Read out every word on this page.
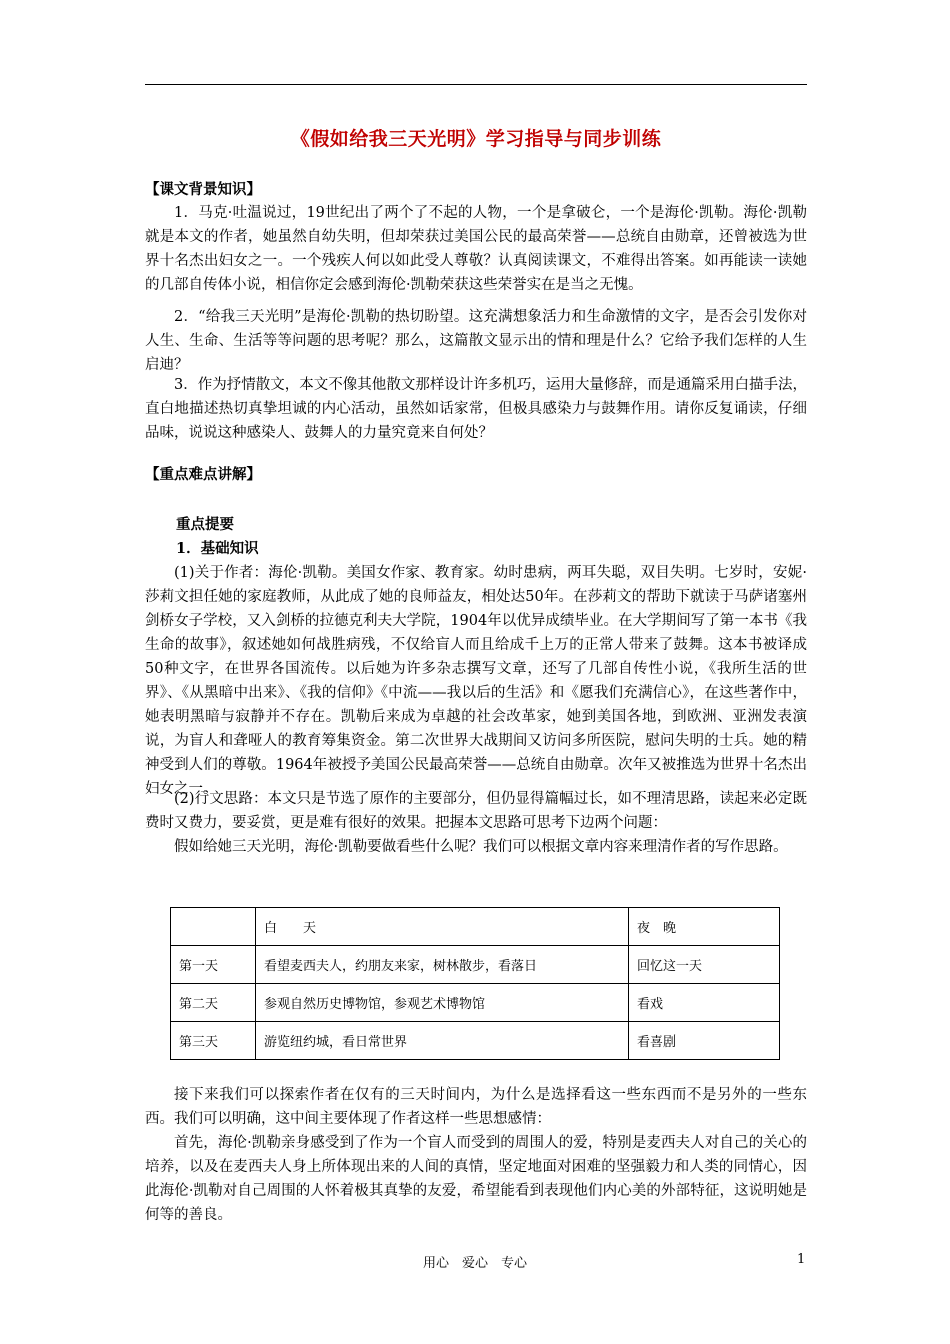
《假如给我三天光明》学习指导与同步训练
【课文背景知识】

1．马克·吐温说过，19世纪出了两个了不起的人物，一个是拿破仑，一个是海伦·凯勒。海伦·凯勒就是本文的作者，她虽然自幼失明，但却荣获过美国公民的最高荣誉——总统自由勋章，还曾被选为世界十名杰出妇女之一。一个残疾人何以如此受人尊敬？认真阅读课文，不难得出答案。如再能读一读她的几部自传体小说，相信你定会感到海伦·凯勒荣获这些荣誉实在是当之无愧。

2．“给我三天光明”是海伦·凯勒的热切盼望。这充满想象活力和生命激情的文字，是否会引发你对人生、生命、生活等等问题的思考呢？那么，这篇散文显示出的情和理是什么？它给予我们怎样的人生启迪？

3．作为抒情散文，本文不像其他散文那样设计许多机巧，运用大量修辞，而是通篇采用白描手法，直白地描述热切真挚坦诚的内心活动，虽然如话家常，但极具感染力与鼓舞作用。请你反复诵读，仔细品味，说说这种感染人、鼓舞人的力量究竟来自何处？

【重点难点讲解】
重点提要
1．基础知识

(1)关于作者：海伦·凯勒。美国女作家、教育家。幼时患病，两耳失聪，双目失明。七岁时，安妮·莎莉文担任她的家庭教师，从此成了她的良师益友，相处达50年。在莎莉文的帮助下就读于马萨诸塞州剑桥女子学校，又入剑桥的拉德克利夫大学院，1904年以优异成绩毕业。在大学期间写了第一本书《我生命的故事》，叙述她如何战胜病残，不仅给盲人而且给成千上万的正常人带来了鼓舞。这本书被译成50种文字，在世界各国流传。以后她为许多杂志撰写文章，还写了几部自传性小说，《我所生活的世界》、《从黑暗中出来》、《我的信仰》《中流——我以后的生活》和《愿我们充满信心》，在这些著作中，她表明黑暗与寂静并不存在。凯勒后来成为卓越的社会改革家，她到美国各地，到欧洲、亚洲发表演说，为盲人和聋哑人的教育筹集资金。第二次世界大战期间又访问多所医院，慰问失明的士兵。她的精神受到人们的尊敬。1964年被授予美国公民最高荣誉——总统自由勋章。次年又被推选为世界十名杰出妇女之一。

(2)行文思路：本文只是节选了原作的主要部分，但仍显得篇幅过长，如不理清思路，读起来必定既费时又费力，要妥赏，更是难有很好的效果。把握本文思路可思考下边两个问题：

假如给她三天光明，海伦·凯勒要做看些什么呢？我们可以根据文章内容来理清作者的写作思路。

	白　　天	夜　晚
第一天	看望麦西夫人，约朋友来家，树林散步，看落日	回忆这一天
第二天	参观自然历史博物馆，参观艺术博物馆	看戏
第三天	游览纽约城，看日常世界	看喜剧

接下来我们可以探索作者在仅有的三天时间内，为什么是选择看这一些东西而不是另外的一些东西。我们可以明确，这中间主要体现了作者这样一些思想感情：

首先，海伦·凯勒亲身感受到了作为一个盲人而受到的周围人的爱，特别是麦西夫人对自己的关心的培养，以及在麦西夫人身上所体现出来的人间的真情，坚定地面对困难的坚强毅力和人类的同情心，因此海伦·凯勒对自己周围的人怀着极其真挚的友爱，希望能看到表现他们内心美的外部特征，这说明她是何等的善良。

用心　爱心　专心	1
